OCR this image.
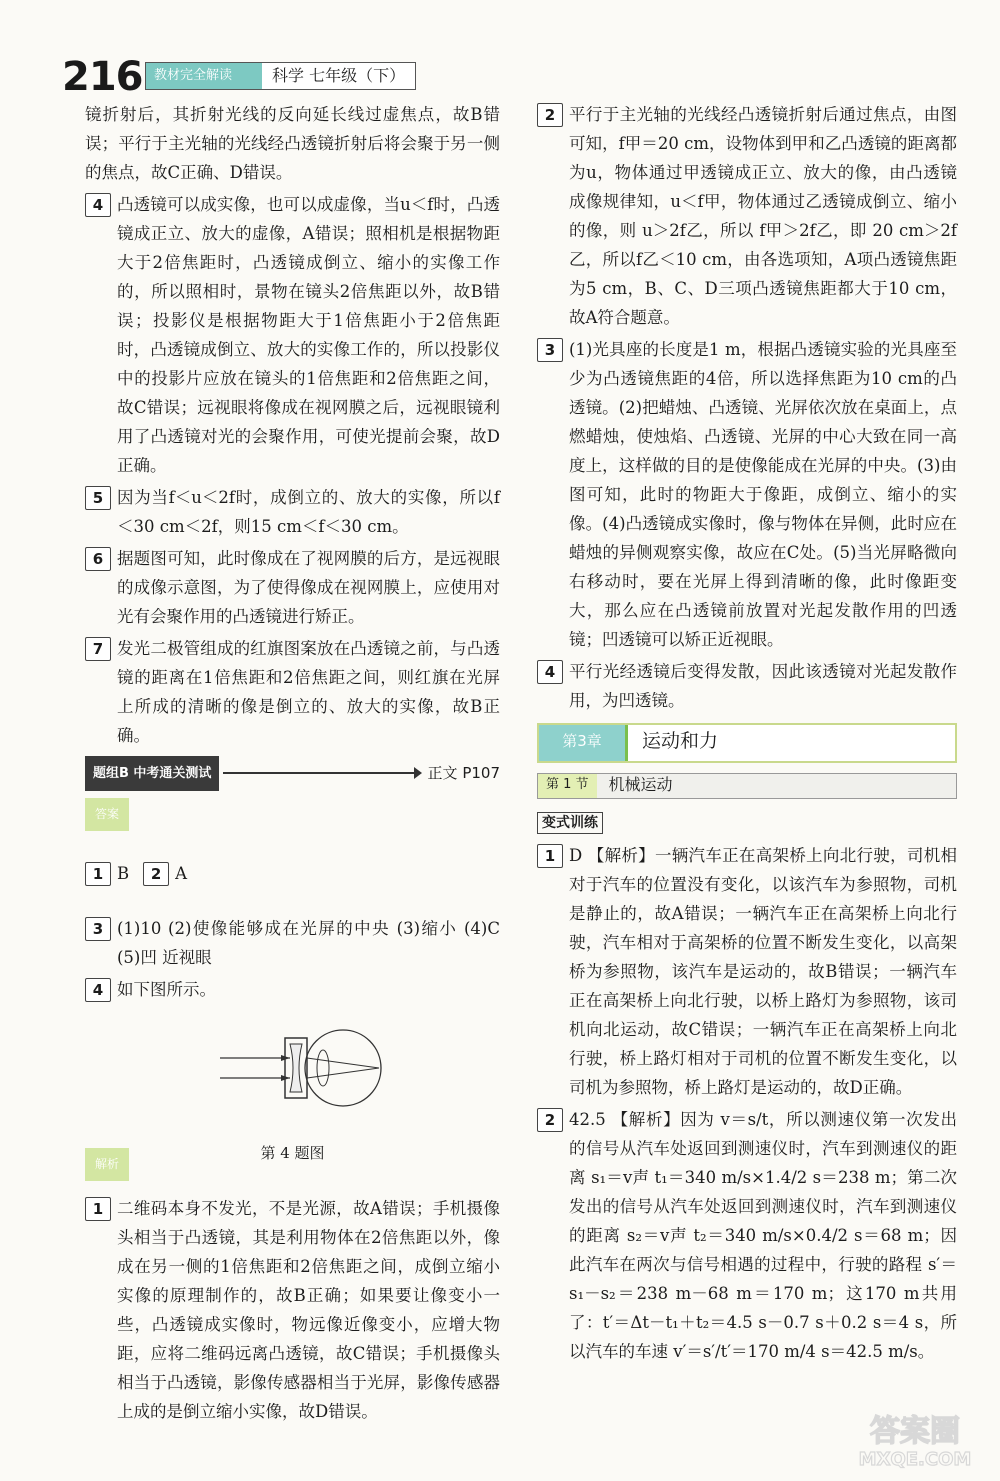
216 教材完全解读	科学 七年级（下）

镜折射后，其折射光线的反向延长线过虚焦点，故B错误；平行于主光轴的光线经凸透镜折射后将会聚于另一侧的焦点，故C正确、D错误。

4 凸透镜可以成实像，也可以成虚像，当u＜f时，凸透镜成正立、放大的虚像，A错误；照相机是根据物距大于2倍焦距时，凸透镜成倒立、缩小的实像工作的，所以照相时，景物在镜头2倍焦距以外，故B错误；投影仪是根据物距大于1倍焦距小于2倍焦距时，凸透镜成倒立、放大的实像工作的，所以投影仪中的投影片应放在镜头的1倍焦距和2倍焦距之间，故C错误；远视眼将像成在视网膜之后，远视眼镜利用了凸透镜对光的会聚作用，可使光提前会聚，故D正确。
5 因为当f＜u＜2f时，成倒立的、放大的实像，所以f＜30 cm＜2f，则15 cm＜f＜30 cm。
6 据题图可知，此时像成在了视网膜的后方，是远视眼的成像示意图，为了使得像成在视网膜上，应使用对光有会聚作用的凸透镜进行矫正。
7 发光二极管组成的红旗图案放在凸透镜之前，与凸透镜的距离在1倍焦距和2倍焦距之间，则红旗在光屏上所成的清晰的像是倒立的、放大的实像，故B正确。
题组B 中考通关测试	正文 P107
答案
1 B	2 A
3 (1)10 (2)使像能够成在光屏的中央 (3)缩小 (4)C (5)凹 近视眼
4 如下图所示。
第 4 题图
解析
1 二维码本身不发光，不是光源，故A错误；手机摄像头相当于凸透镜，其是利用物体在2倍焦距以外，像成在另一侧的1倍焦距和2倍焦距之间，成倒立缩小实像的原理制作的，故B正确；如果要让像变小一些，凸透镜成实像时，物远像近像变小，应增大物距，应将二维码远离凸透镜，故C错误；手机摄像头相当于凸透镜，影像传感器相当于光屏，影像传感器上成的是倒立缩小实像，故D错误。
2 平行于主光轴的光线经凸透镜折射后通过焦点，由图可知，f甲＝20 cm，设物体到甲和乙凸透镜的距离都为u，物体通过甲透镜成正立、放大的像，由凸透镜成像规律知，u＜f甲，物体通过乙透镜成倒立、缩小的像，则 u＞2f乙，所以 f甲＞2f乙，即 20 cm＞2f乙，所以f乙＜10 cm，由各选项知，A项凸透镜焦距为5 cm，B、C、D三项凸透镜焦距都大于10 cm，故A符合题意。
3 (1)光具座的长度是1 m，根据凸透镜实验的光具座至少为凸透镜焦距的4倍，所以选择焦距为10 cm的凸透镜。(2)把蜡烛、凸透镜、光屏依次放在桌面上，点燃蜡烛，使烛焰、凸透镜、光屏的中心大致在同一高度上，这样做的目的是使像能成在光屏的中央。(3)由图可知，此时的物距大于像距，成倒立、缩小的实像。(4)凸透镜成实像时，像与物体在异侧，此时应在蜡烛的异侧观察实像，故应在C处。(5)当光屏略微向右移动时，要在光屏上得到清晰的像，此时像距变大，那么应在凸透镜前放置对光起发散作用的凹透镜；凹透镜可以矫正近视眼。
4 平行光经透镜后变得发散，因此该透镜对光起发散作用，为凹透镜。
第3章	运动和力
第 1 节	机械运动
变式训练
1 D 【解析】一辆汽车正在高架桥上向北行驶，司机相对于汽车的位置没有变化，以该汽车为参照物，司机是静止的，故A错误；一辆汽车正在高架桥上向北行驶，汽车相对于高架桥的位置不断发生变化，以高架桥为参照物，该汽车是运动的，故B错误；一辆汽车正在高架桥上向北行驶，以桥上路灯为参照物，该司机向北运动，故C错误；一辆汽车正在高架桥上向北行驶，桥上路灯相对于司机的位置不断发生变化，以司机为参照物，桥上路灯是运动的，故D正确。
2 42.5 【解析】因为 v＝s/t，所以测速仪第一次发出的信号从汽车处返回到测速仪时，汽车到测速仪的距离 s₁＝v声 t₁＝340 m/s×1.4/2 s＝238 m；第二次发出的信号从汽车处返回到测速仪时，汽车到测速仪的距离 s₂＝v声 t₂＝340 m/s×0.4/2 s＝68 m；因此汽车在两次与信号相遇的过程中，行驶的路程 s′＝s₁－s₂＝238 m－68 m＝170 m；这170 m共用了：t′＝Δt－t₁＋t₂＝4.5 s－0.7 s＋0.2 s＝4 s，所以汽车的车速 v′＝s′/t′＝170 m/4 s＝42.5 m/s。
答案圈
MXQE.COM
